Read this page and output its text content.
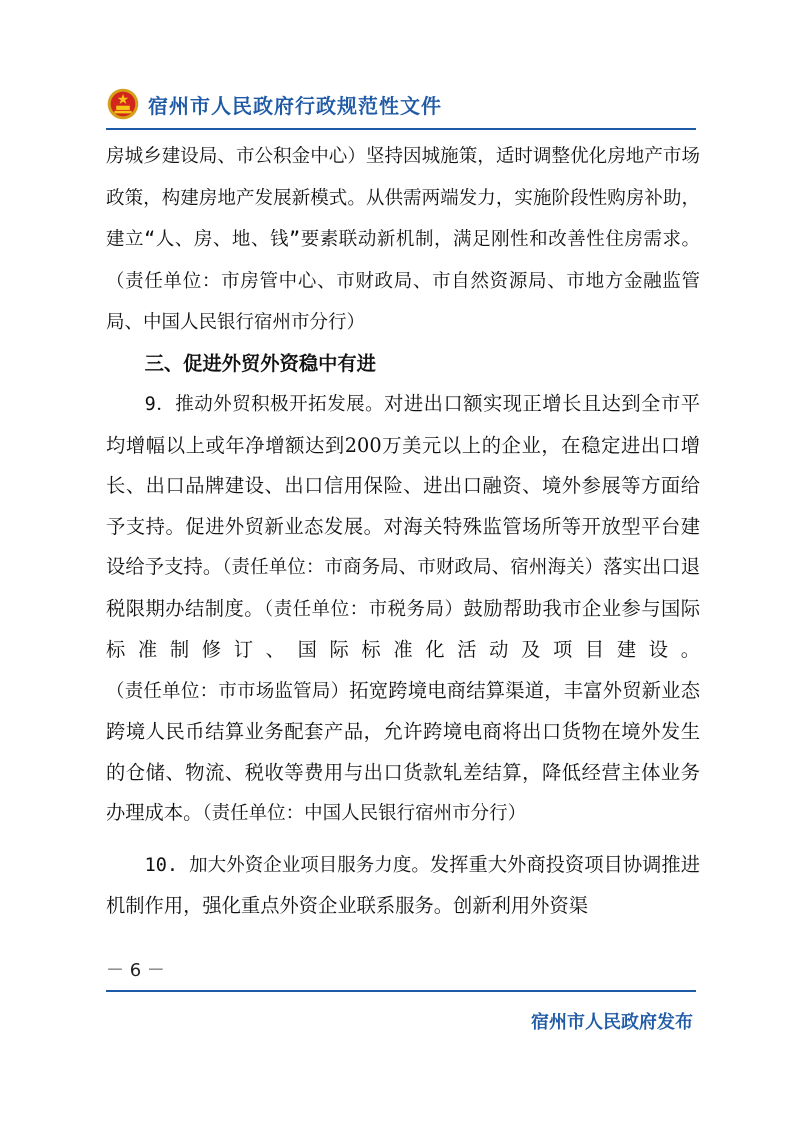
宿州市人民政府行政规范性文件

房城乡建设局、市公积金中心）坚持因城施策，适时调整优化房地产市场政策，构建房地产发展新模式。从供需两端发力，实施阶段性购房补助，建立“人、房、地、钱”要素联动新机制，满足刚性和改善性住房需求。（责任单位：市房管中心、市财政局、市自然资源局、市地方金融监管局、中国人民银行宿州市分行）

三、促进外贸外资稳中有进

9．推动外贸积极开拓发展。对进出口额实现正增长且达到全市平均增幅以上或年净增额达到200万美元以上的企业，在稳定进出口增长、出口品牌建设、出口信用保险、进出口融资、境外参展等方面给予支持。促进外贸新业态发展。对海关特殊监管场所等开放型平台建设给予支持。（责任单位：市商务局、市财政局、宿州海关）落实出口退税限期办结制度。（责任单位：市税务局）鼓励帮助我市企业参与国际标准制修订、国际标准化活动及项目建设。（责任单位：市市场监管局）拓宽跨境电商结算渠道，丰富外贸新业态跨境人民币结算业务配套产品，允许跨境电商将出口货物在境外发生的仓储、物流、税收等费用与出口货款轧差结算，降低经营主体业务办理成本。（责任单位：中国人民银行宿州市分行）

10. 加大外资企业项目服务力度。发挥重大外商投资项目协调推进机制作用，强化重点外资企业联系服务。创新利用外资渠

－ 6 －
宿州市人民政府发布
